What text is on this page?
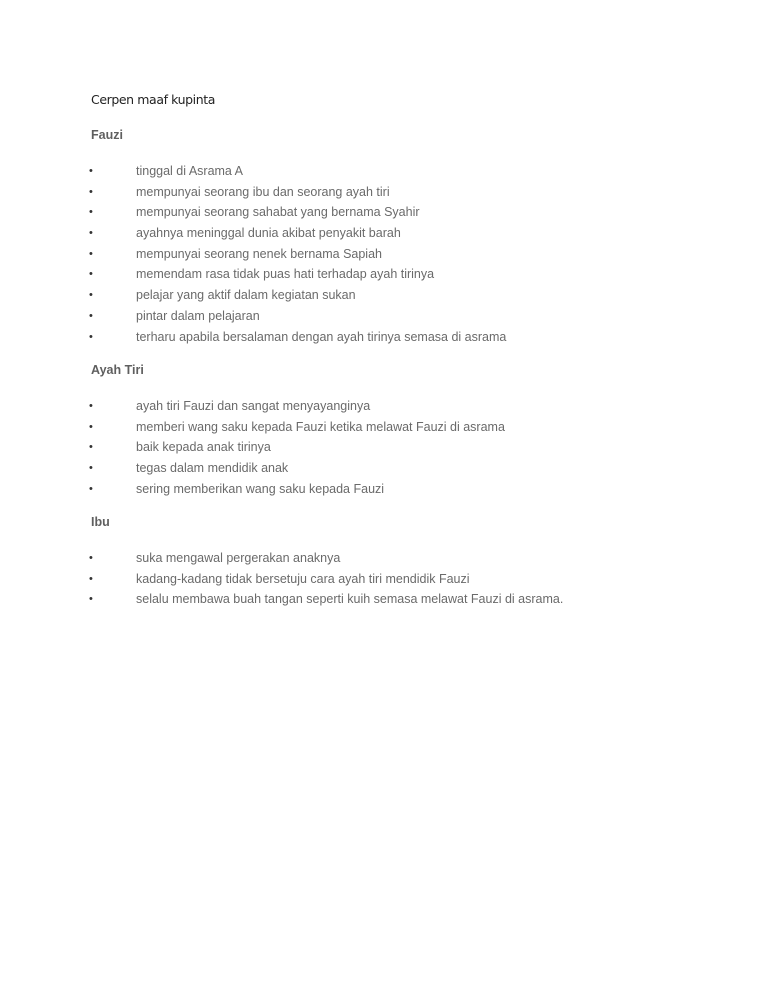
Cerpen maaf kupinta
Fauzi
•	tinggal di Asrama A
•	mempunyai seorang ibu dan seorang ayah tiri
•	mempunyai seorang sahabat yang bernama Syahir
•	ayahnya meninggal dunia akibat penyakit barah
•	mempunyai seorang nenek bernama Sapiah
•	memendam rasa tidak puas hati terhadap ayah tirinya
•	pelajar yang aktif dalam kegiatan sukan
•	pintar dalam pelajaran
•	terharu apabila bersalaman dengan ayah tirinya semasa di asrama
Ayah Tiri
•	ayah tiri Fauzi dan sangat menyayanginya
•	memberi wang saku kepada Fauzi ketika melawat Fauzi di asrama
•	baik kepada anak tirinya
•	tegas dalam mendidik anak
•	sering memberikan wang saku kepada Fauzi
Ibu
•	suka mengawal pergerakan anaknya
•	kadang-kadang tidak bersetuju cara ayah tiri mendidik Fauzi
•	selalu membawa buah tangan seperti kuih semasa melawat Fauzi di asrama.
